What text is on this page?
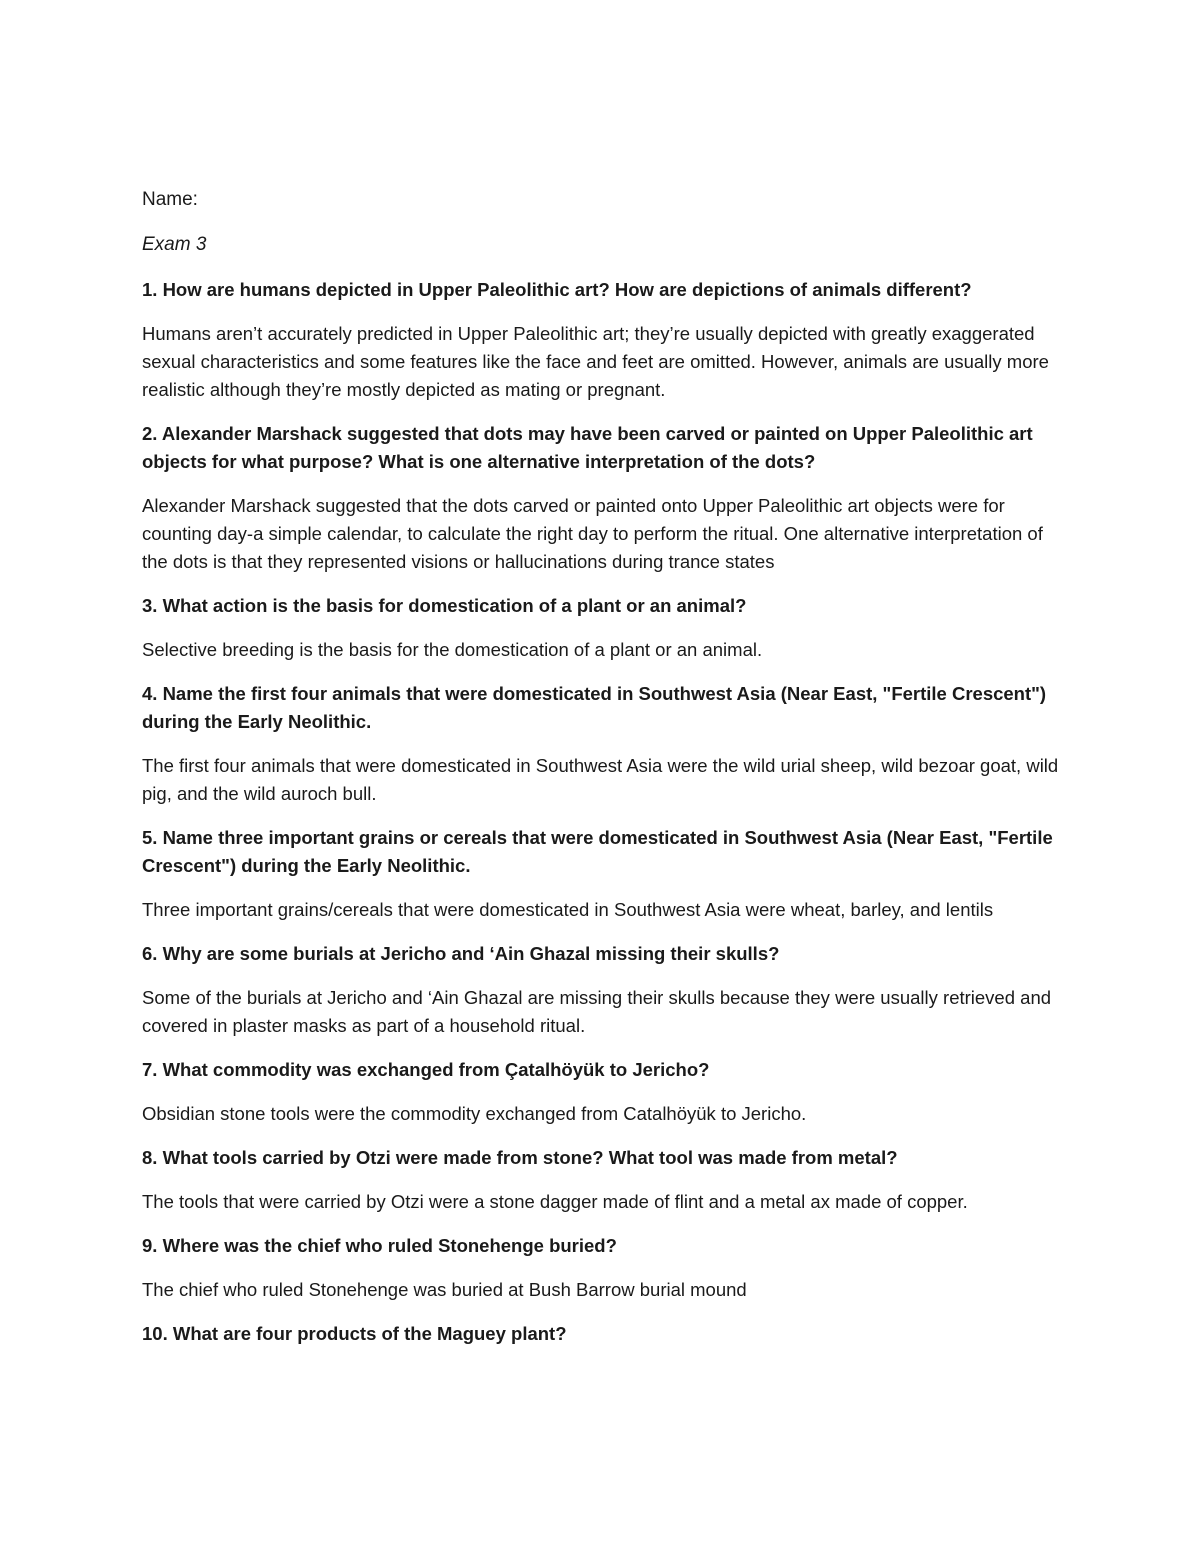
Name:

Exam 3

1. How are humans depicted in Upper Paleolithic art? How are depictions of animals different?

Humans aren’t accurately predicted in Upper Paleolithic art; they’re usually depicted with greatly exaggerated sexual characteristics and some features like the face and feet are omitted. However, animals are usually more realistic although they’re mostly depicted as mating or pregnant.

2. Alexander Marshack suggested that dots may have been carved or painted on Upper Paleolithic art objects for what purpose? What is one alternative interpretation of the dots?

Alexander Marshack suggested that the dots carved or painted onto Upper Paleolithic art objects were for counting day-a simple calendar, to calculate the right day to perform the ritual. One alternative interpretation of the dots is that they represented visions or hallucinations during trance states

3. What action is the basis for domestication of a plant or an animal?

Selective breeding is the basis for the domestication of a plant or an animal.

4. Name the first four animals that were domesticated in Southwest Asia (Near East, "Fertile Crescent") during the Early Neolithic.

The first four animals that were domesticated in Southwest Asia were the wild urial sheep, wild bezoar goat, wild pig, and the wild auroch bull.

5. Name three important grains or cereals that were domesticated in Southwest Asia (Near East, "Fertile Crescent") during the Early Neolithic.

Three important grains/cereals that were domesticated in Southwest Asia were wheat, barley, and lentils

6. Why are some burials at Jericho and ‘Ain Ghazal missing their skulls?

Some of the burials at Jericho and ‘Ain Ghazal are missing their skulls because they were usually retrieved and covered in plaster masks as part of a household ritual.

7. What commodity was exchanged from Çatalhöyük to Jericho?

Obsidian stone tools were the commodity exchanged from Catalhöyük to Jericho.

8. What tools carried by Otzi were made from stone? What tool was made from metal?

The tools that were carried by Otzi were a stone dagger made of flint and a metal ax made of copper.

9. Where was the chief who ruled Stonehenge buried?

The chief who ruled Stonehenge was buried at Bush Barrow burial mound

10. What are four products of the Maguey plant?
